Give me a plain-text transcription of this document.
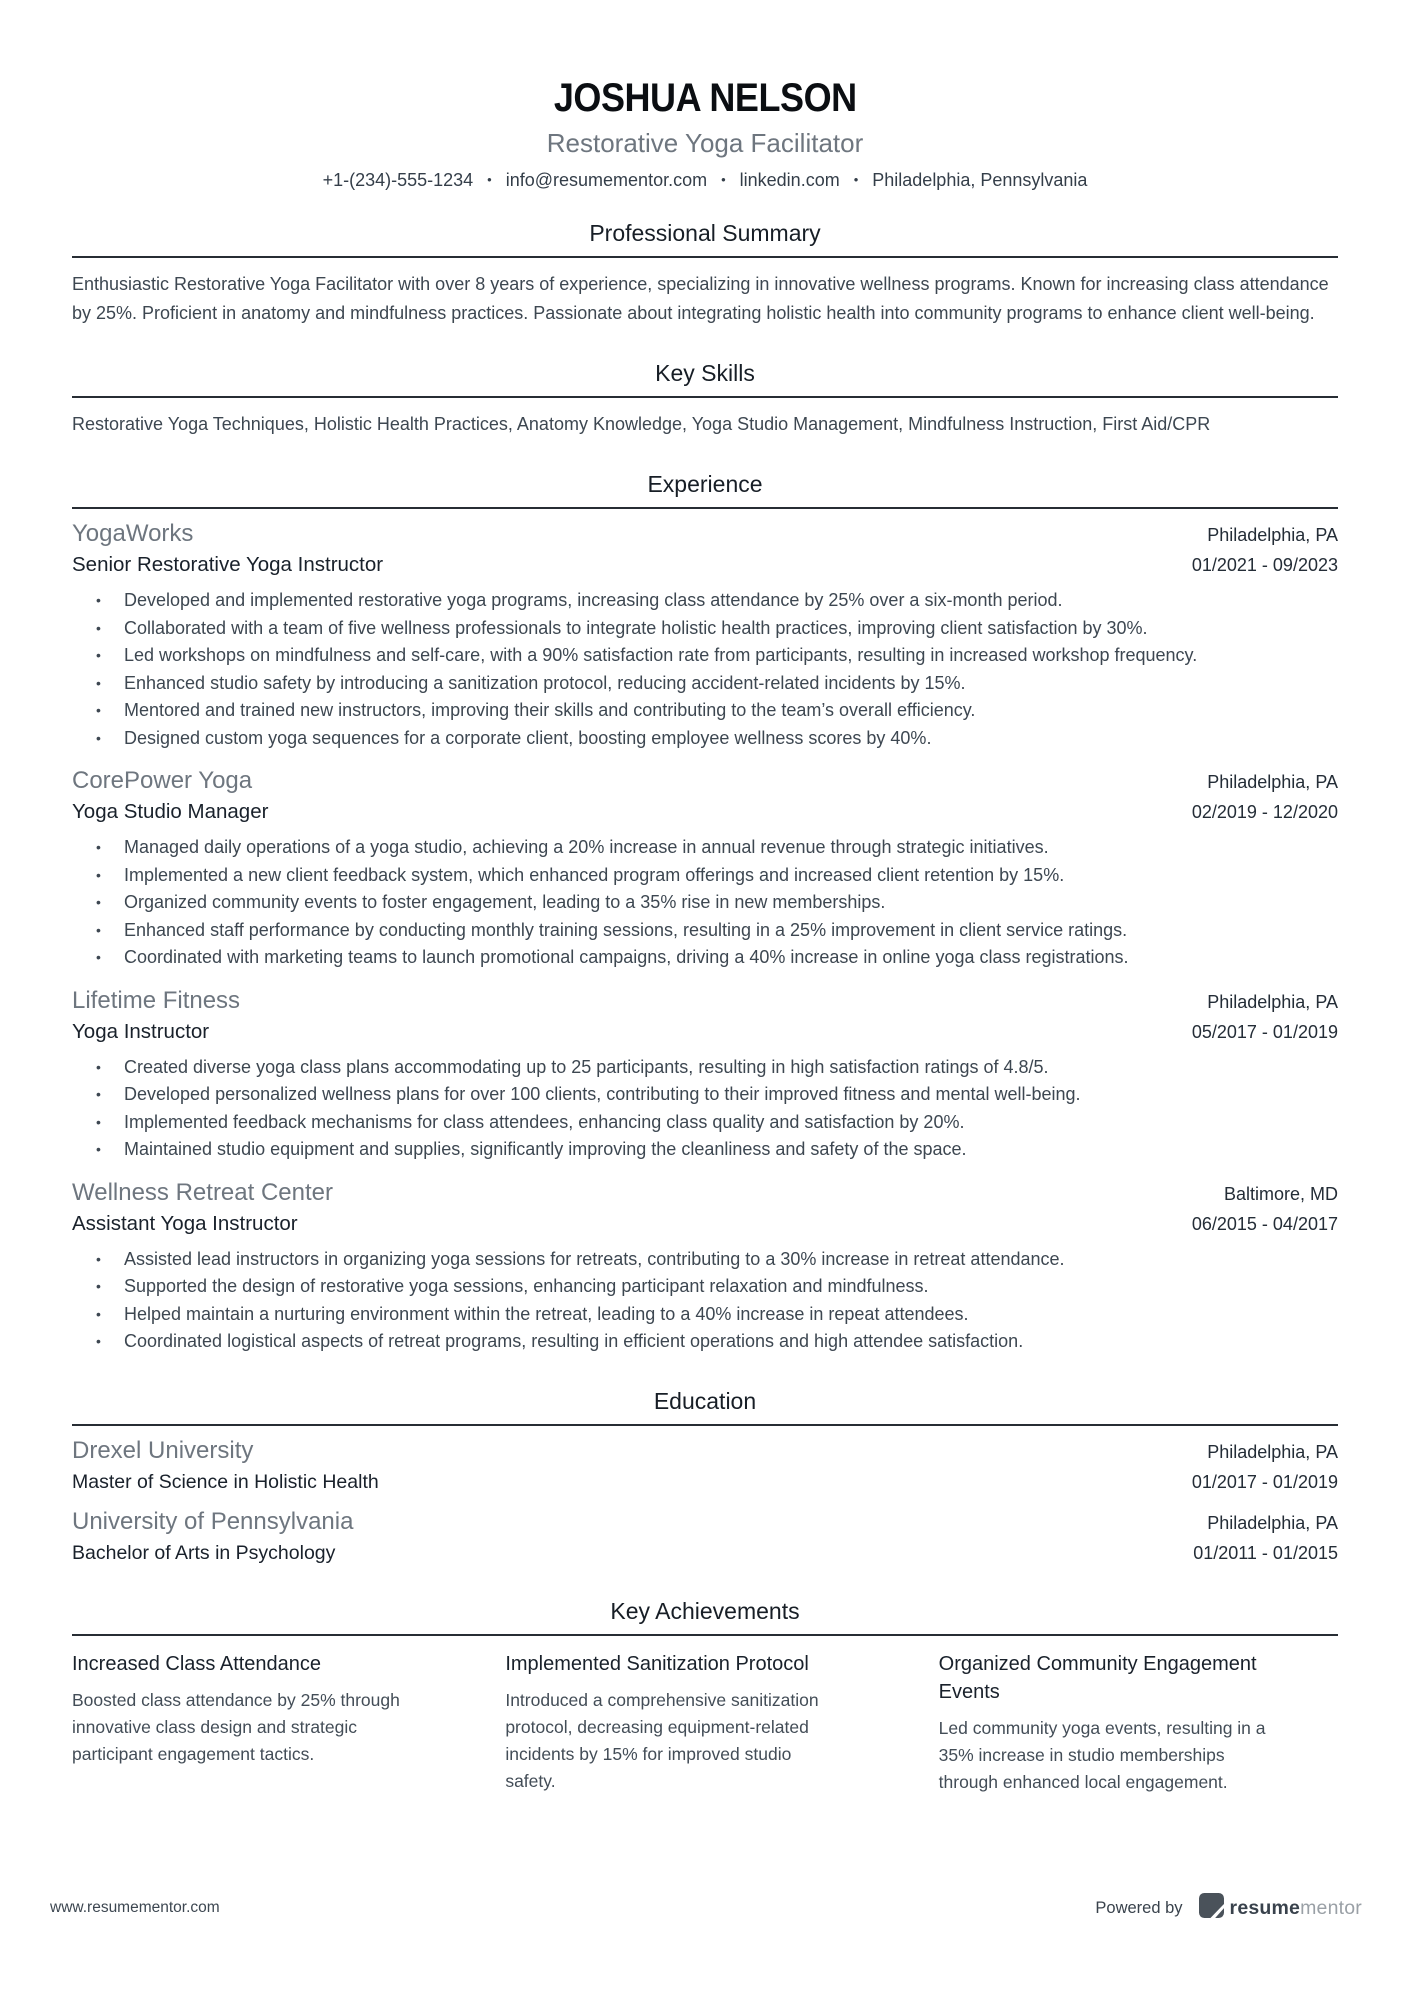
JOSHUA NELSON
Restorative Yoga Facilitator
+1-(234)-555-1234 • info@resumementor.com • linkedin.com • Philadelphia, Pennsylvania
Professional Summary
Enthusiastic Restorative Yoga Facilitator with over 8 years of experience, specializing in innovative wellness programs. Known for increasing class attendance by 25%. Proficient in anatomy and mindfulness practices. Passionate about integrating holistic health into community programs to enhance client well-being.
Key Skills
Restorative Yoga Techniques, Holistic Health Practices, Anatomy Knowledge, Yoga Studio Management, Mindfulness Instruction, First Aid/CPR
Experience
YogaWorks	Philadelphia, PA
Senior Restorative Yoga Instructor	01/2021 - 09/2023
•	Developed and implemented restorative yoga programs, increasing class attendance by 25% over a six-month period.
•	Collaborated with a team of five wellness professionals to integrate holistic health practices, improving client satisfaction by 30%.
•	Led workshops on mindfulness and self-care, with a 90% satisfaction rate from participants, resulting in increased workshop frequency.
•	Enhanced studio safety by introducing a sanitization protocol, reducing accident-related incidents by 15%.
•	Mentored and trained new instructors, improving their skills and contributing to the team’s overall efficiency.
•	Designed custom yoga sequences for a corporate client, boosting employee wellness scores by 40%.
CorePower Yoga	Philadelphia, PA
Yoga Studio Manager	02/2019 - 12/2020
•	Managed daily operations of a yoga studio, achieving a 20% increase in annual revenue through strategic initiatives.
•	Implemented a new client feedback system, which enhanced program offerings and increased client retention by 15%.
•	Organized community events to foster engagement, leading to a 35% rise in new memberships.
•	Enhanced staff performance by conducting monthly training sessions, resulting in a 25% improvement in client service ratings.
•	Coordinated with marketing teams to launch promotional campaigns, driving a 40% increase in online yoga class registrations.
Lifetime Fitness	Philadelphia, PA
Yoga Instructor	05/2017 - 01/2019
•	Created diverse yoga class plans accommodating up to 25 participants, resulting in high satisfaction ratings of 4.8/5.
•	Developed personalized wellness plans for over 100 clients, contributing to their improved fitness and mental well-being.
•	Implemented feedback mechanisms for class attendees, enhancing class quality and satisfaction by 20%.
•	Maintained studio equipment and supplies, significantly improving the cleanliness and safety of the space.
Wellness Retreat Center	Baltimore, MD
Assistant Yoga Instructor	06/2015 - 04/2017
•	Assisted lead instructors in organizing yoga sessions for retreats, contributing to a 30% increase in retreat attendance.
•	Supported the design of restorative yoga sessions, enhancing participant relaxation and mindfulness.
•	Helped maintain a nurturing environment within the retreat, leading to a 40% increase in repeat attendees.
•	Coordinated logistical aspects of retreat programs, resulting in efficient operations and high attendee satisfaction.
Education
Drexel University	Philadelphia, PA
Master of Science in Holistic Health	01/2017 - 01/2019
University of Pennsylvania	Philadelphia, PA
Bachelor of Arts in Psychology	01/2011 - 01/2015
Key Achievements
Increased Class Attendance
Boosted class attendance by 25% through innovative class design and strategic participant engagement tactics.
Implemented Sanitization Protocol
Introduced a comprehensive sanitization protocol, decreasing equipment-related incidents by 15% for improved studio safety.
Organized Community Engagement Events
Led community yoga events, resulting in a 35% increase in studio memberships through enhanced local engagement.
www.resumementor.com	Powered by resumementor
